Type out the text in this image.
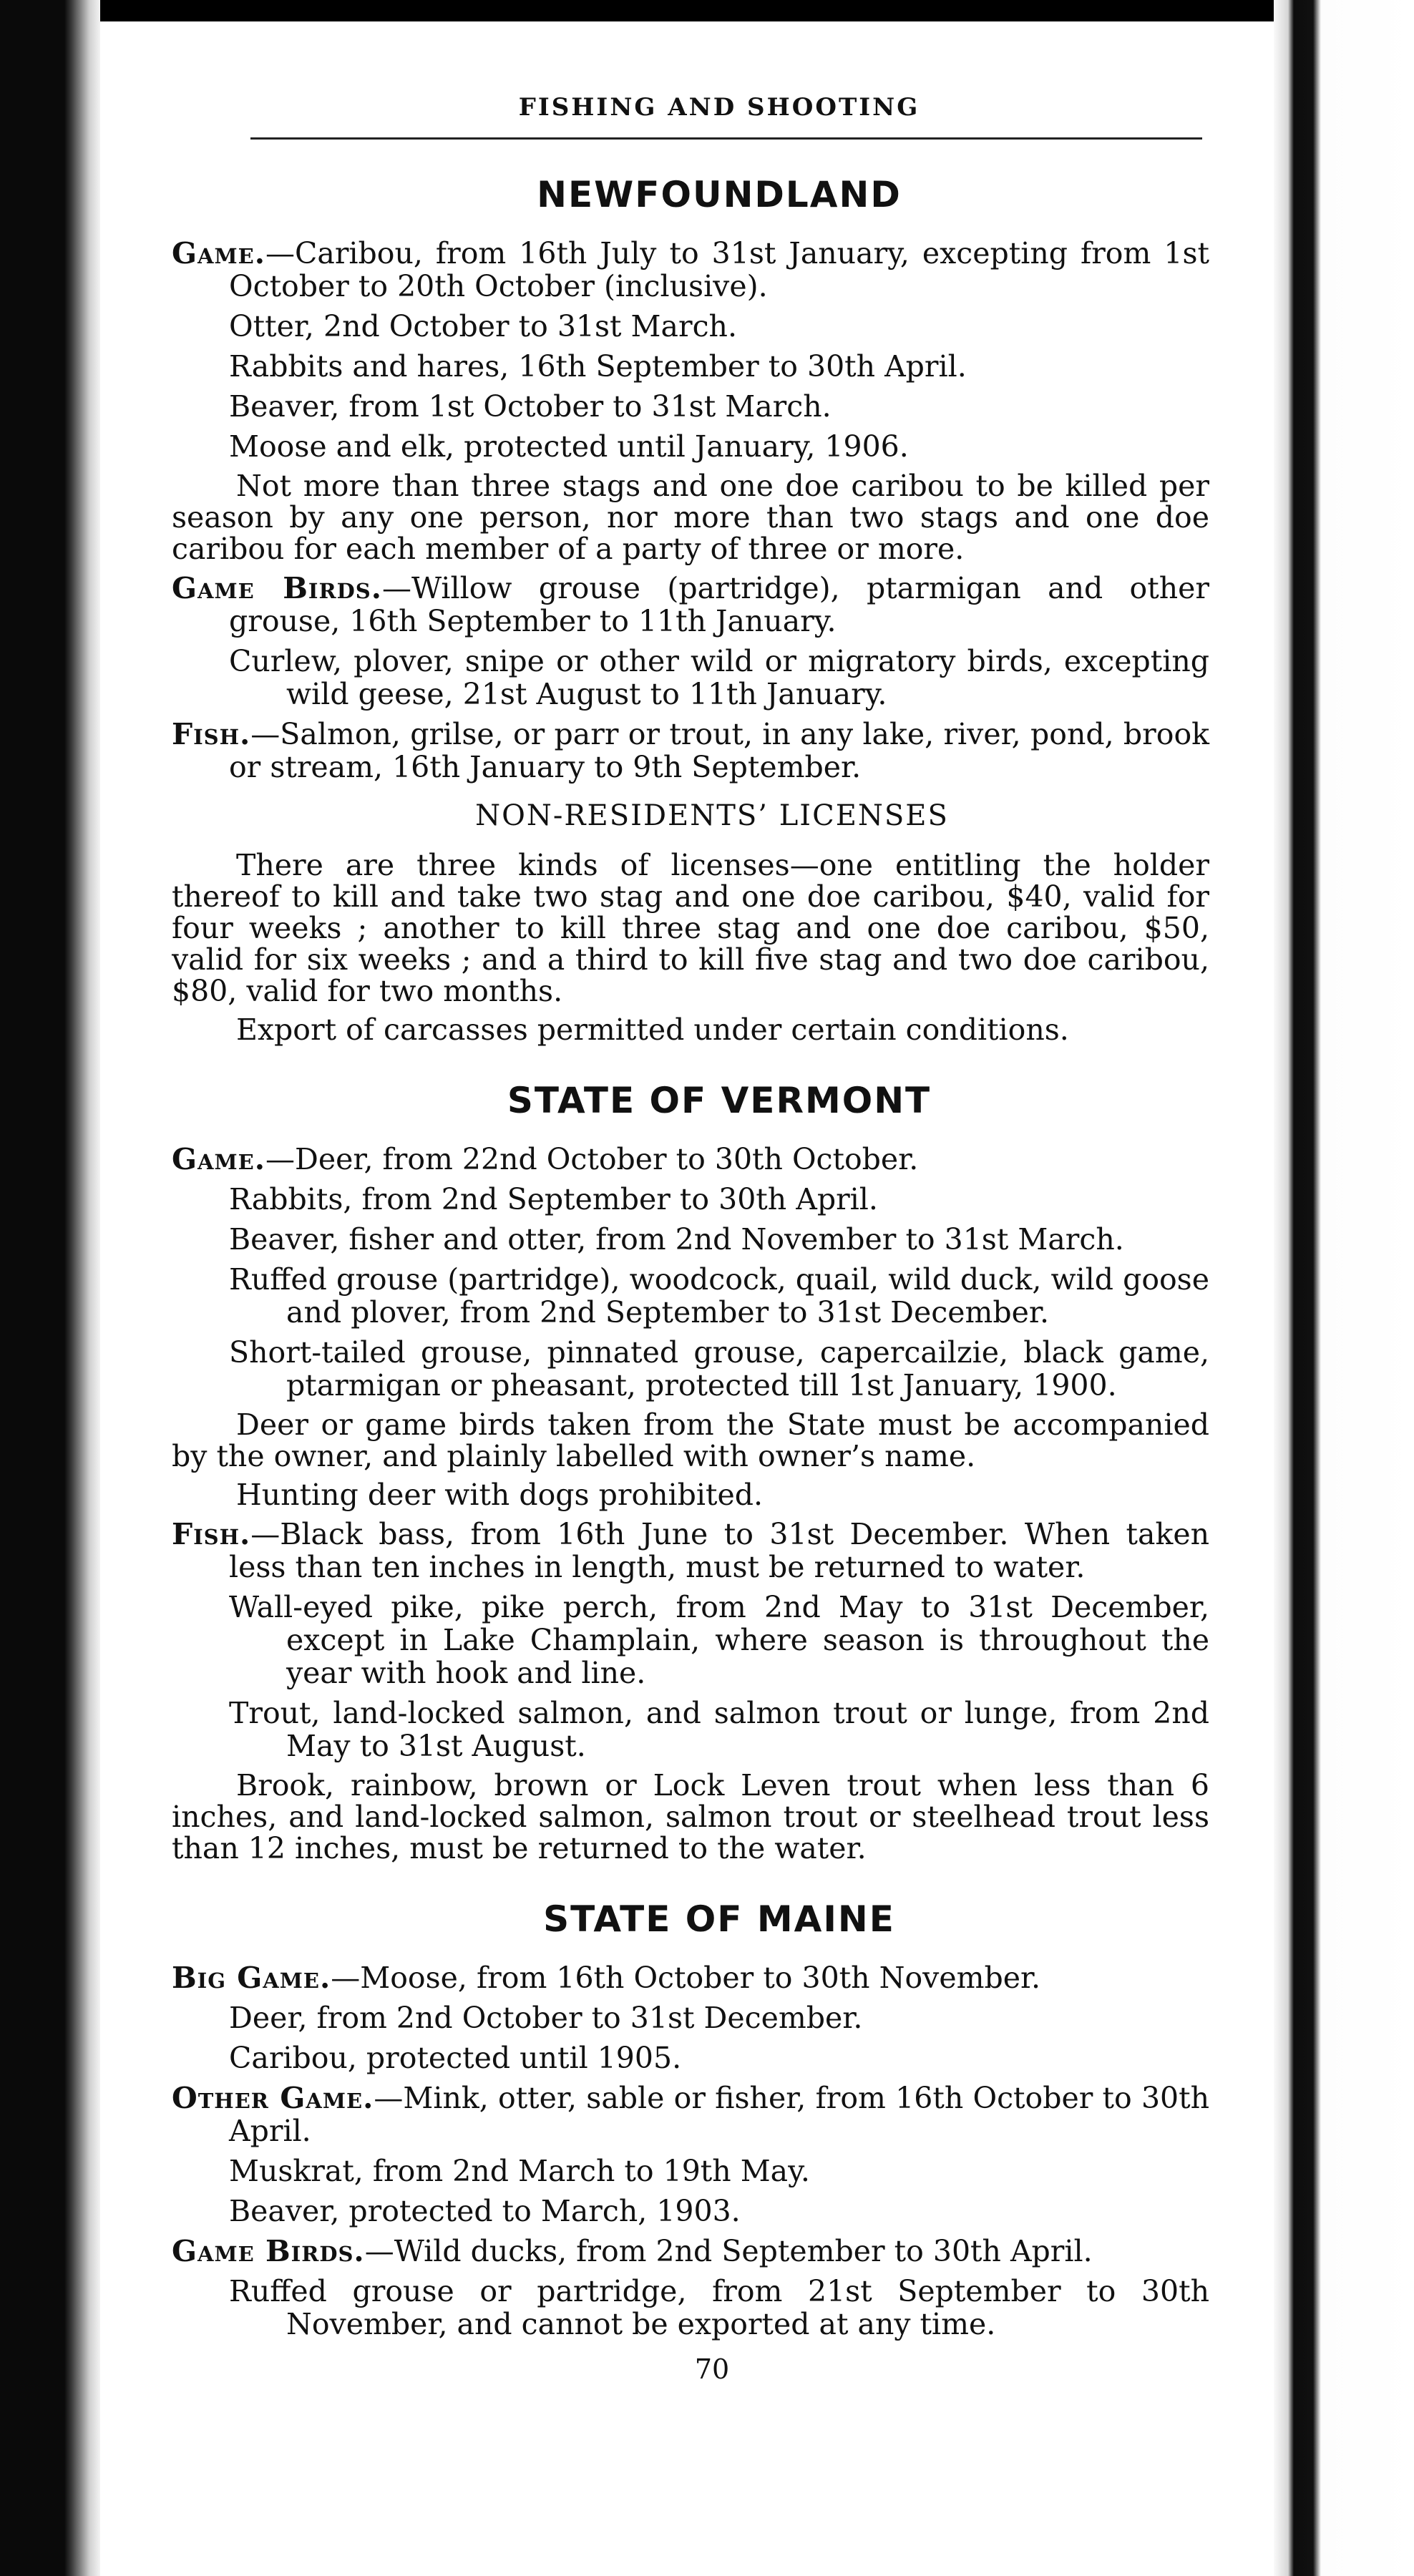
FISHING AND SHOOTING
NEWFOUNDLAND

Game.—Caribou, from 16th July to 31st January, excepting from 1st October to 20th October (inclusive).

Otter, 2nd October to 31st March.

Rabbits and hares, 16th September to 30th April.

Beaver, from 1st October to 31st March.

Moose and elk, protected until January, 1906.

Not more than three stags and one doe caribou to be killed per season by any one person, nor more than two stags and one doe caribou for each member of a party of three or more.

Game Birds.—Willow grouse (partridge), ptarmigan and other grouse, 16th September to 11th January.

Curlew, plover, snipe or other wild or migratory birds, excepting wild geese, 21st August to 11th January.

Fish.—Salmon, grilse, or parr or trout, in any lake, river, pond, brook or stream, 16th January to 9th September.

NON-RESIDENTS’ LICENSES

There are three kinds of licenses—one entitling the holder thereof to kill and take two stag and one doe caribou, $40, valid for four weeks ; another to kill three stag and one doe caribou, $50, valid for six weeks ; and a third to kill five stag and two doe caribou, $80, valid for two months.

Export of carcasses permitted under certain conditions.

STATE OF VERMONT

Game.—Deer, from 22nd October to 30th October.

Rabbits, from 2nd September to 30th April.

Beaver, fisher and otter, from 2nd November to 31st March.

Ruffed grouse (partridge), woodcock, quail, wild duck, wild goose and plover, from 2nd September to 31st December.

Short-tailed grouse, pinnated grouse, capercailzie, black game, ptarmigan or pheasant, protected till 1st January, 1900.

Deer or game birds taken from the State must be accompanied by the owner, and plainly labelled with owner’s name.

Hunting deer with dogs prohibited.

Fish.—Black bass, from 16th June to 31st December. When taken less than ten inches in length, must be returned to water.

Wall-eyed pike, pike perch, from 2nd May to 31st December, except in Lake Champlain, where season is throughout the year with hook and line.

Trout, land-locked salmon, and salmon trout or lunge, from 2nd May to 31st August.

Brook, rainbow, brown or Lock Leven trout when less than 6 inches, and land-locked salmon, salmon trout or steelhead trout less than 12 inches, must be returned to the water.

STATE OF MAINE

Big Game.—Moose, from 16th October to 30th November.

Deer, from 2nd October to 31st December.

Caribou, protected until 1905.

Other Game.—Mink, otter, sable or fisher, from 16th October to 30th April.

Muskrat, from 2nd March to 19th May.

Beaver, protected to March, 1903.

Game Birds.—Wild ducks, from 2nd September to 30th April.

Ruffed grouse or partridge, from 21st September to 30th November, and cannot be exported at any time.

70
